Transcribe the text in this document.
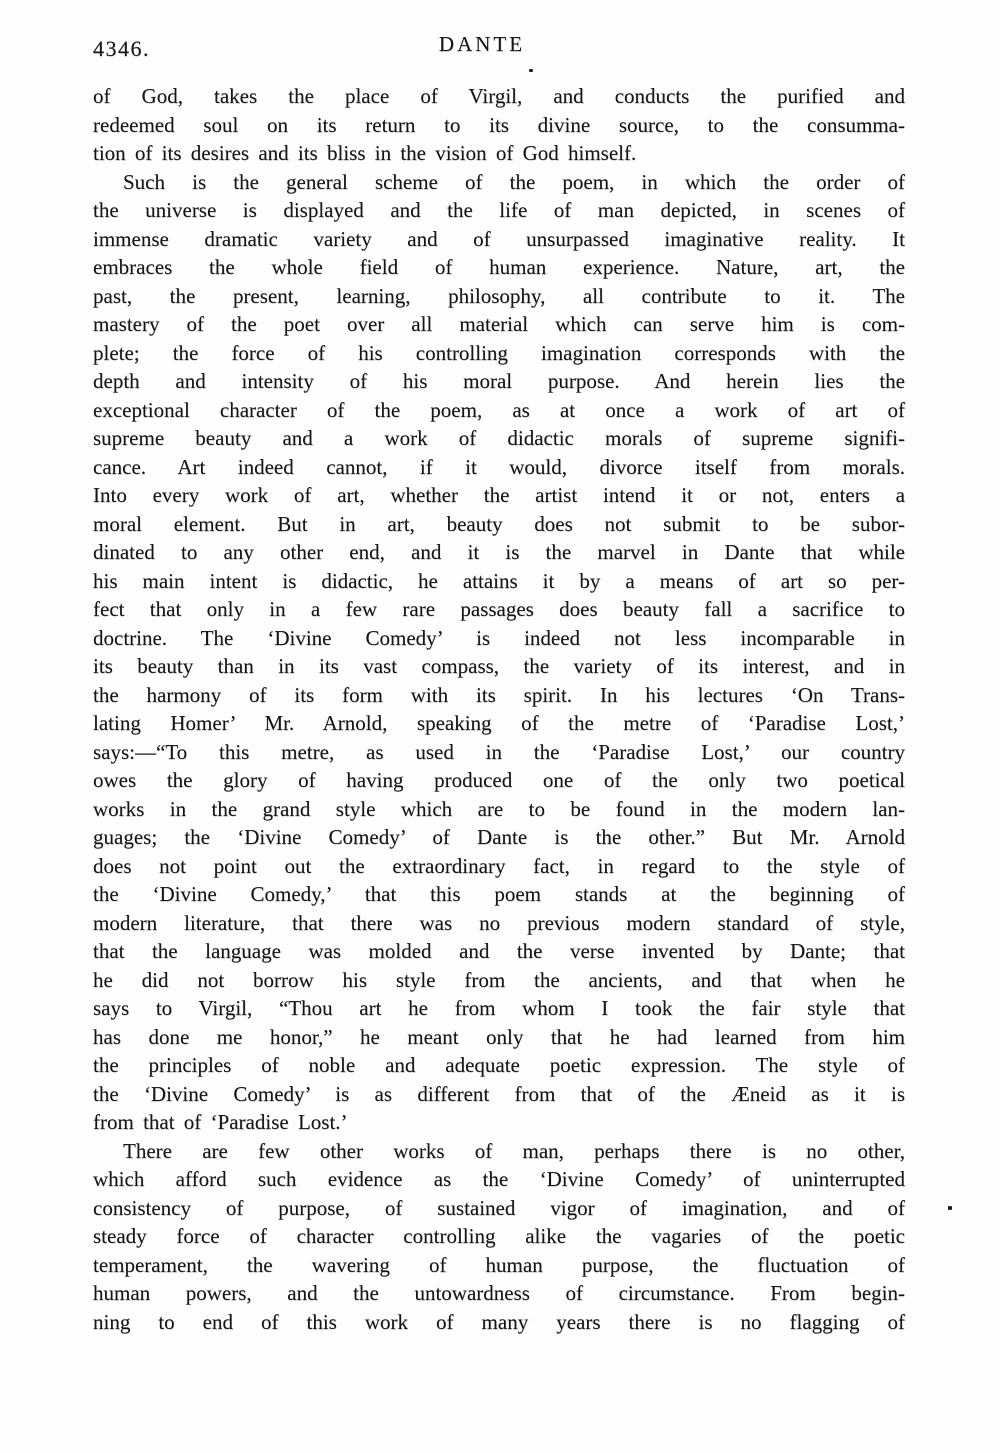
4346.	DANTE
of God, takes the place of Virgil, and conducts the purified and
redeemed soul on its return to its divine source, to the consumma-
tion of its desires and its bliss in the vision of God himself.
Such is the general scheme of the poem, in which the order of
the universe is displayed and the life of man depicted, in scenes of
immense dramatic variety and of unsurpassed imaginative reality. It
embraces the whole field of human experience. Nature, art, the
past, the present, learning, philosophy, all contribute to it. The
mastery of the poet over all material which can serve him is com-
plete; the force of his controlling imagination corresponds with the
depth and intensity of his moral purpose. And herein lies the
exceptional character of the poem, as at once a work of art of
supreme beauty and a work of didactic morals of supreme signifi-
cance. Art indeed cannot, if it would, divorce itself from morals.
Into every work of art, whether the artist intend it or not, enters a
moral element. But in art, beauty does not submit to be subor-
dinated to any other end, and it is the marvel in Dante that while
his main intent is didactic, he attains it by a means of art so per-
fect that only in a few rare passages does beauty fall a sacrifice to
doctrine. The ‘Divine Comedy’ is indeed not less incomparable in
its beauty than in its vast compass, the variety of its interest, and in
the harmony of its form with its spirit. In his lectures ‘On Trans-
lating Homer’ Mr. Arnold, speaking of the metre of ‘Paradise Lost,’
says:—“To this metre, as used in the ‘Paradise Lost,’ our country
owes the glory of having produced one of the only two poetical
works in the grand style which are to be found in the modern lan-
guages; the ‘Divine Comedy’ of Dante is the other.” But Mr. Arnold
does not point out the extraordinary fact, in regard to the style of
the ‘Divine Comedy,’ that this poem stands at the beginning of
modern literature, that there was no previous modern standard of style,
that the language was molded and the verse invented by Dante; that
he did not borrow his style from the ancients, and that when he
says to Virgil, “Thou art he from whom I took the fair style that
has done me honor,” he meant only that he had learned from him
the principles of noble and adequate poetic expression. The style of
the ‘Divine Comedy’ is as different from that of the Æneid as it is
from that of ‘Paradise Lost.’
There are few other works of man, perhaps there is no other,
which afford such evidence as the ‘Divine Comedy’ of uninterrupted
consistency of purpose, of sustained vigor of imagination, and of
steady force of character controlling alike the vagaries of the poetic
temperament, the wavering of human purpose, the fluctuation of
human powers, and the untowardness of circumstance. From begin-
ning to end of this work of many years there is no flagging of
